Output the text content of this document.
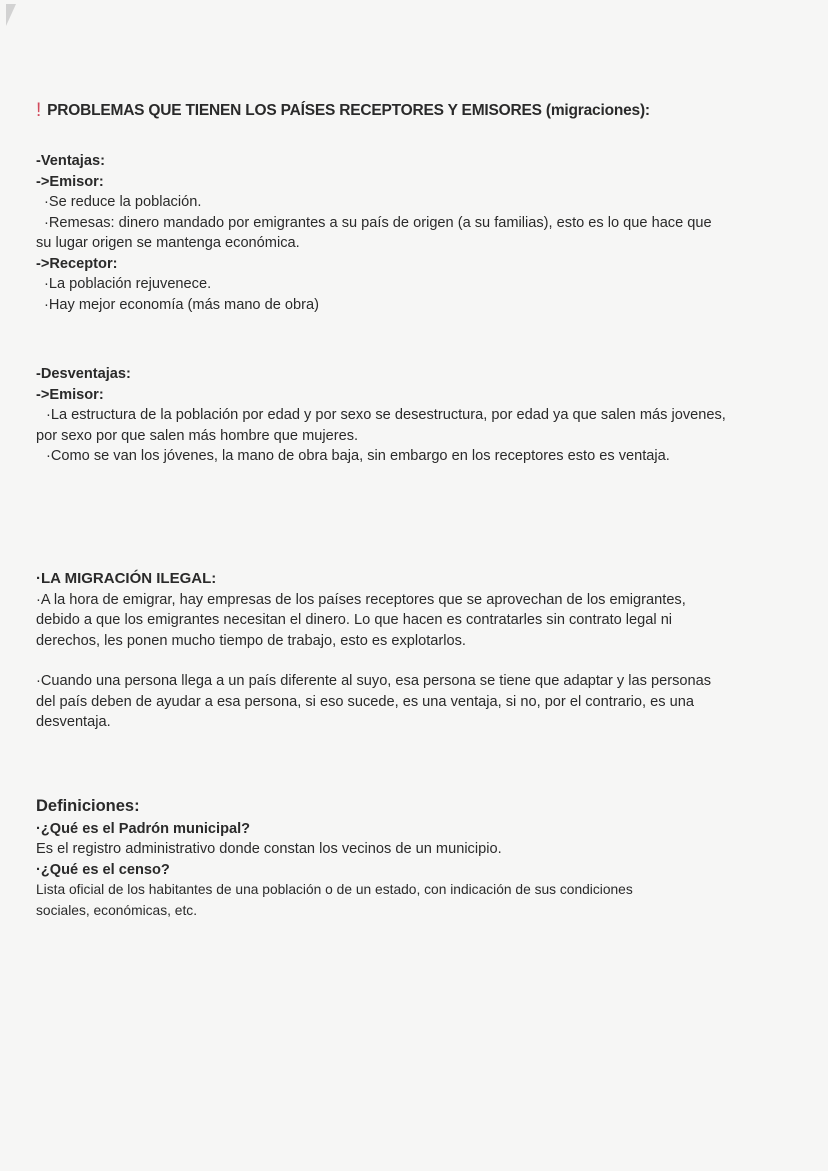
! PROBLEMAS QUE TIENEN LOS PAÍSES RECEPTORES Y EMISORES (migraciones):

-Ventajas:

->Emisor:

·Se reduce la población.

·Remesas: dinero mandado por emigrantes a su país de origen (a su familias), esto es lo que hace que su lugar origen se mantenga económica.

->Receptor:

·La población rejuvenece.

·Hay mejor economía (más mano de obra)

-Desventajas:

->Emisor:

·La estructura de la población por edad y por sexo se desestructura, por edad ya que salen más jovenes, por sexo por que salen más hombre que mujeres.

·Como se van los jóvenes, la mano de obra baja, sin embargo en los receptores esto es ventaja.

·LA MIGRACIÓN ILEGAL:

·A la hora de emigrar, hay empresas de los países receptores que se aprovechan de los emigrantes, debido a que los emigrantes necesitan el dinero. Lo que hacen es contratarles sin contrato legal ni derechos, les ponen mucho tiempo de trabajo, esto es explotarlos.

·Cuando una persona llega a un país diferente al suyo, esa persona se tiene que adaptar y las personas del país deben de ayudar a esa persona, si eso sucede, es una ventaja, si no, por el contrario, es una desventaja.

Definiciones:

·¿Qué es el Padrón municipal?

Es el registro administrativo donde constan los vecinos de un municipio.

·¿Qué es el censo?

Lista oficial de los habitantes de una población o de un estado, con indicación de sus condiciones sociales, económicas, etc.
